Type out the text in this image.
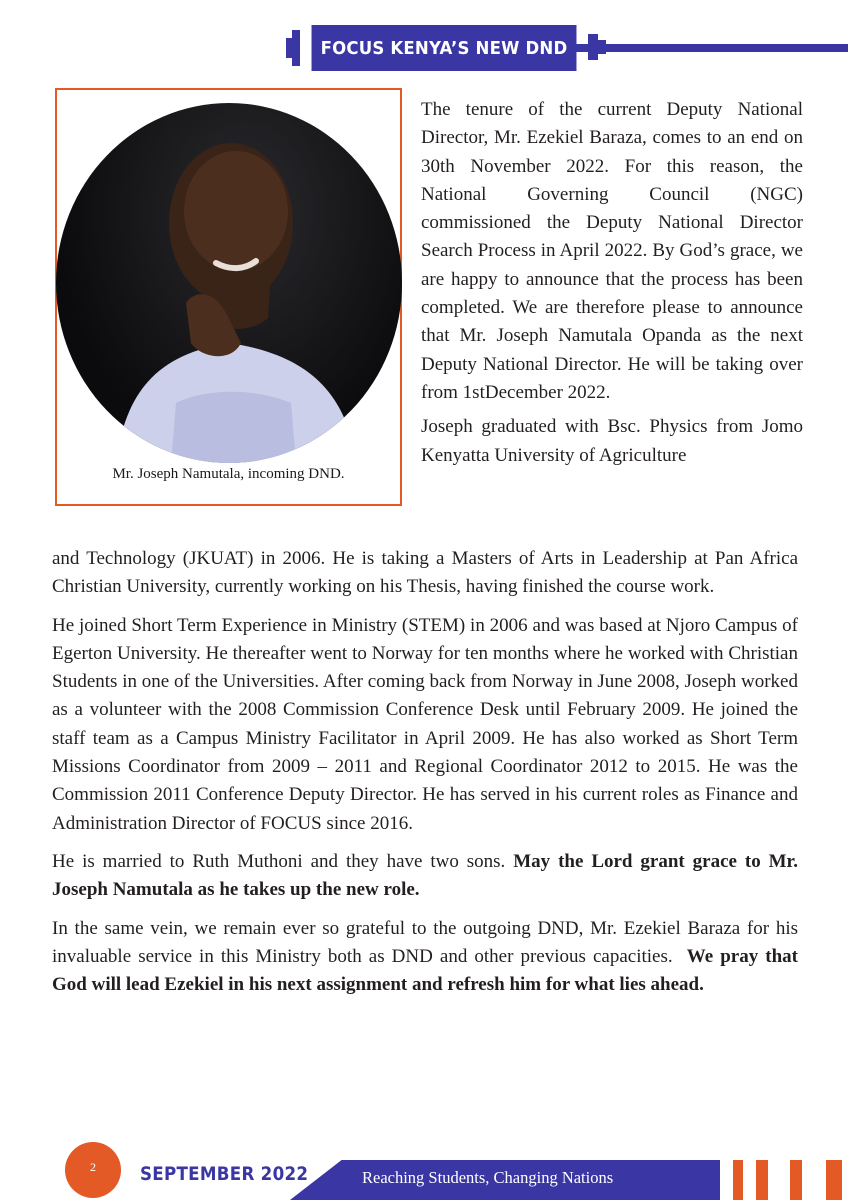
FOCUS KENYA’S NEW DND
Mr. Joseph Namutala, incoming DND.

The tenure of the current Deputy National Director, Mr. Ezekiel Baraza, comes to an end on 30th November 2022. For this reason, the National Governing Council (NGC) commissioned the Deputy National Director Search Process in April 2022. By God’s grace, we are happy to announce that the process has been completed. We are therefore please to announce that Mr. Joseph Namutala Opanda as the next Deputy National Director. He will be taking over from 1stDecember 2022.

Joseph graduated with Bsc. Physics from Jomo Kenyatta University of Agriculture

and Technology (JKUAT) in 2006. He is taking a Masters of Arts in Leadership at Pan Africa Christian University, currently working on his Thesis, having finished the course work.

He joined Short Term Experience in Ministry (STEM) in 2006 and was based at Njoro Campus of Egerton University. He thereafter went to Norway for ten months where he worked with Christian Students in one of the Universities. After coming back from Norway in June 2008, Joseph worked as a volunteer with the 2008 Commission Conference Desk until February 2009. He joined the staff team as a Campus Ministry Facilitator in April 2009. He has also worked as Short Term Missions Coordinator from 2009 – 2011 and Regional Coordinator 2012 to 2015. He was the Commission 2011 Conference Deputy Director. He has served in his current roles as Finance and Administration Director of FOCUS since 2016.

He is married to Ruth Muthoni and they have two sons. May the Lord grant grace to Mr. Joseph Namutala as he takes up the new role.

In the same vein, we remain ever so grateful to the outgoing DND, Mr. Ezekiel Baraza for his invaluable service in this Ministry both as DND and other previous capacities. We pray that God will lead Ezekiel in his next assignment and refresh him for what lies ahead.

2 SEPTEMBER 2022	Reaching Students, Changing Nations
